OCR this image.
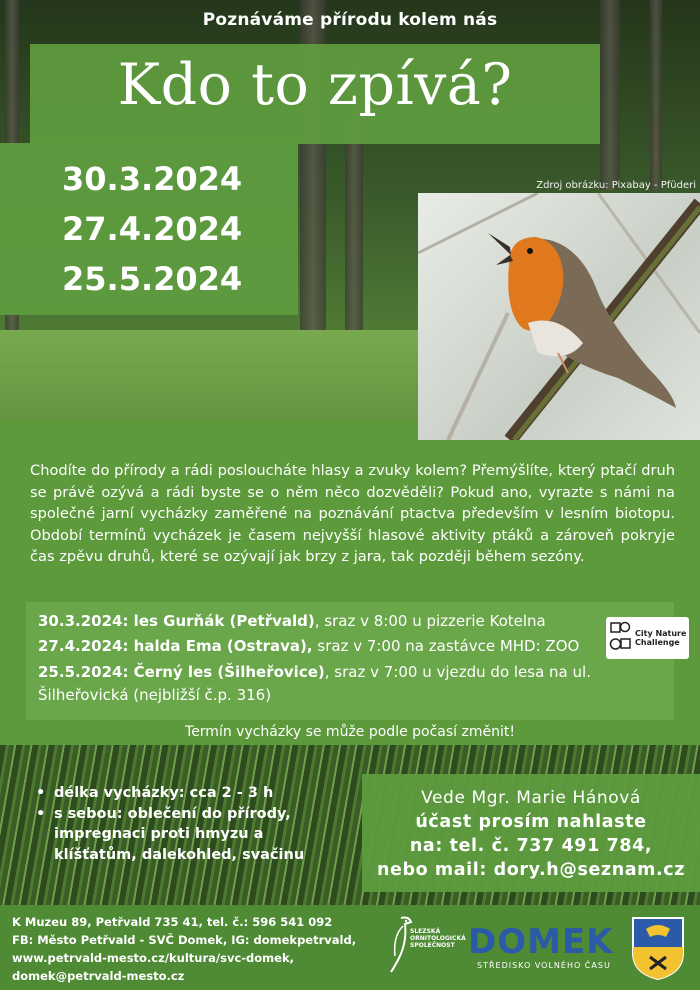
Poznáváme přírodu kolem nás
Kdo to zpívá?
30.3.2024
27.4.2024
25.5.2024
Zdroj obrázku: Pixabay - Pfüderi
Chodíte do přírody a rádi posloucháte hlasy a zvuky kolem? Přemýšlíte, který ptačí druh se právě ozývá a rádi byste se o něm něco dozvěděli? Pokud ano, vyrazte s námi na společné jarní vycházky zaměřené na poznávání ptactva především v lesním biotopu. Období termínů vycházek je časem nejvyšší hlasové aktivity ptáků a zároveň pokryje čas zpěvu druhů, které se ozývají jak brzy z jara, tak později během sezóny.
30.3.2024: les Gurňák (Petřvald), sraz v 8:00 u pizzerie Kotelna
27.4.2024: halda Ema (Ostrava), sraz v 7:00 na zastávce MHD: ZOO
25.5.2024: Černý les (Šilheřovice), sraz v 7:00 u vjezdu do lesa na ul. Šilheřovická (nejbližší č.p. 316)
City Nature Challenge
Termín vycházky se může podle počasí změnit!
• délka vycházky: cca 2 - 3 h
• s sebou: oblečení do přírody, impregnaci proti hmyzu a klíšťatům, dalekohled, svačinu
Vede Mgr. Marie Hánová
účast prosím nahlaste
na: tel. č. 737 491 784,
nebo mail: dory.h@seznam.cz
K Muzeu 89, Petřvald 735 41, tel. č.: 596 541 092
FB: Město Petřvald - SVČ Domek, IG: domekpetrvald,
www.petrvald-mesto.cz/kultura/svc-domek,
domek@petrvald-mesto.cz
SLEZSKÁ ORNITOLOGICKÁ SPOLEČNOST DOMEK
STŘEDISKO VOLNÉHO ČASU
